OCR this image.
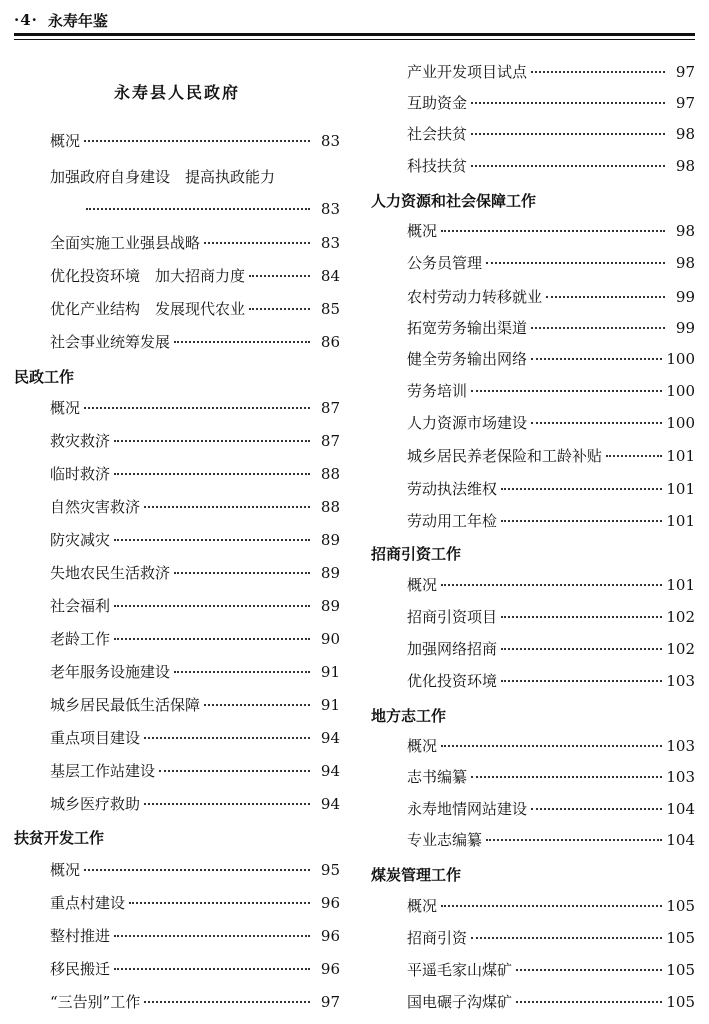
·4· 永寿年鉴
永寿县人民政府
概况	83
加强政府自身建设　提高执政能力
83
全面实施工业强县战略	83
优化投资环境　加大招商力度	84
优化产业结构　发展现代农业	85
社会事业统筹发展	86
民政工作
概况	87
救灾救济	87
临时救济	88
自然灾害救济	88
防灾减灾	89
失地农民生活救济	89
社会福利	89
老龄工作	90
老年服务设施建设	91
城乡居民最低生活保障	91
重点项目建设	94
基层工作站建设	94
城乡医疗救助	94
扶贫开发工作
概况	95
重点村建设	96
整村推进	96
移民搬迁	96
“三告别”工作	97
产业开发项目试点	97
互助资金	97
社会扶贫	98
科技扶贫	98
人力资源和社会保障工作
概况	98
公务员管理	98
农村劳动力转移就业	99
拓宽劳务输出渠道	99
健全劳务输出网络	100
劳务培训	100
人力资源市场建设	100
城乡居民养老保险和工龄补贴	101
劳动执法维权	101
劳动用工年检	101
招商引资工作
概况	101
招商引资项目	102
加强网络招商	102
优化投资环境	103
地方志工作
概况	103
志书编纂	103
永寿地情网站建设	104
专业志编纂	104
煤炭管理工作
概况	105
招商引资	105
平遥毛家山煤矿	105
国电碾子沟煤矿	105
